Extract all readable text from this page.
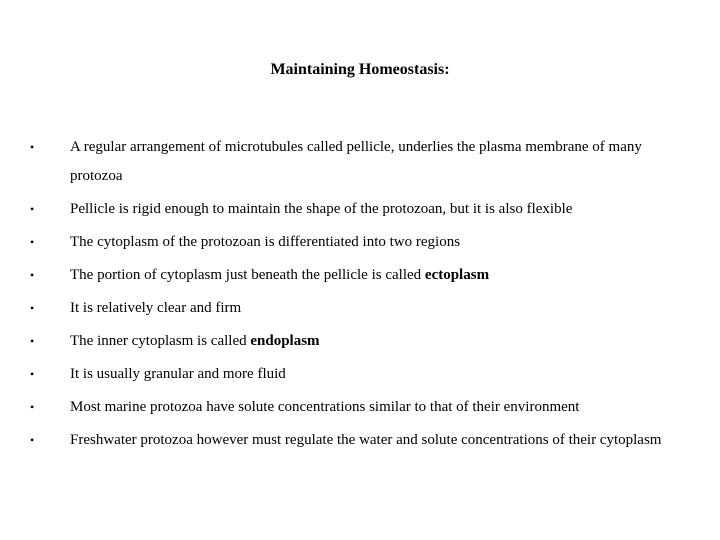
Maintaining Homeostasis:
•	A regular arrangement of microtubules called pellicle, underlies the plasma membrane of many protozoa
•	Pellicle is rigid enough to maintain the shape of the protozoan, but it is also flexible
•	The cytoplasm of the protozoan is differentiated into two regions
•	The portion of cytoplasm just beneath the pellicle is called ectoplasm
•	It is relatively clear and firm
•	The inner cytoplasm is called endoplasm
•	It is usually granular and more fluid
•	Most marine protozoa have solute concentrations similar to that of their environment
•	Freshwater protozoa however must regulate the water and solute concentrations of their cytoplasm
